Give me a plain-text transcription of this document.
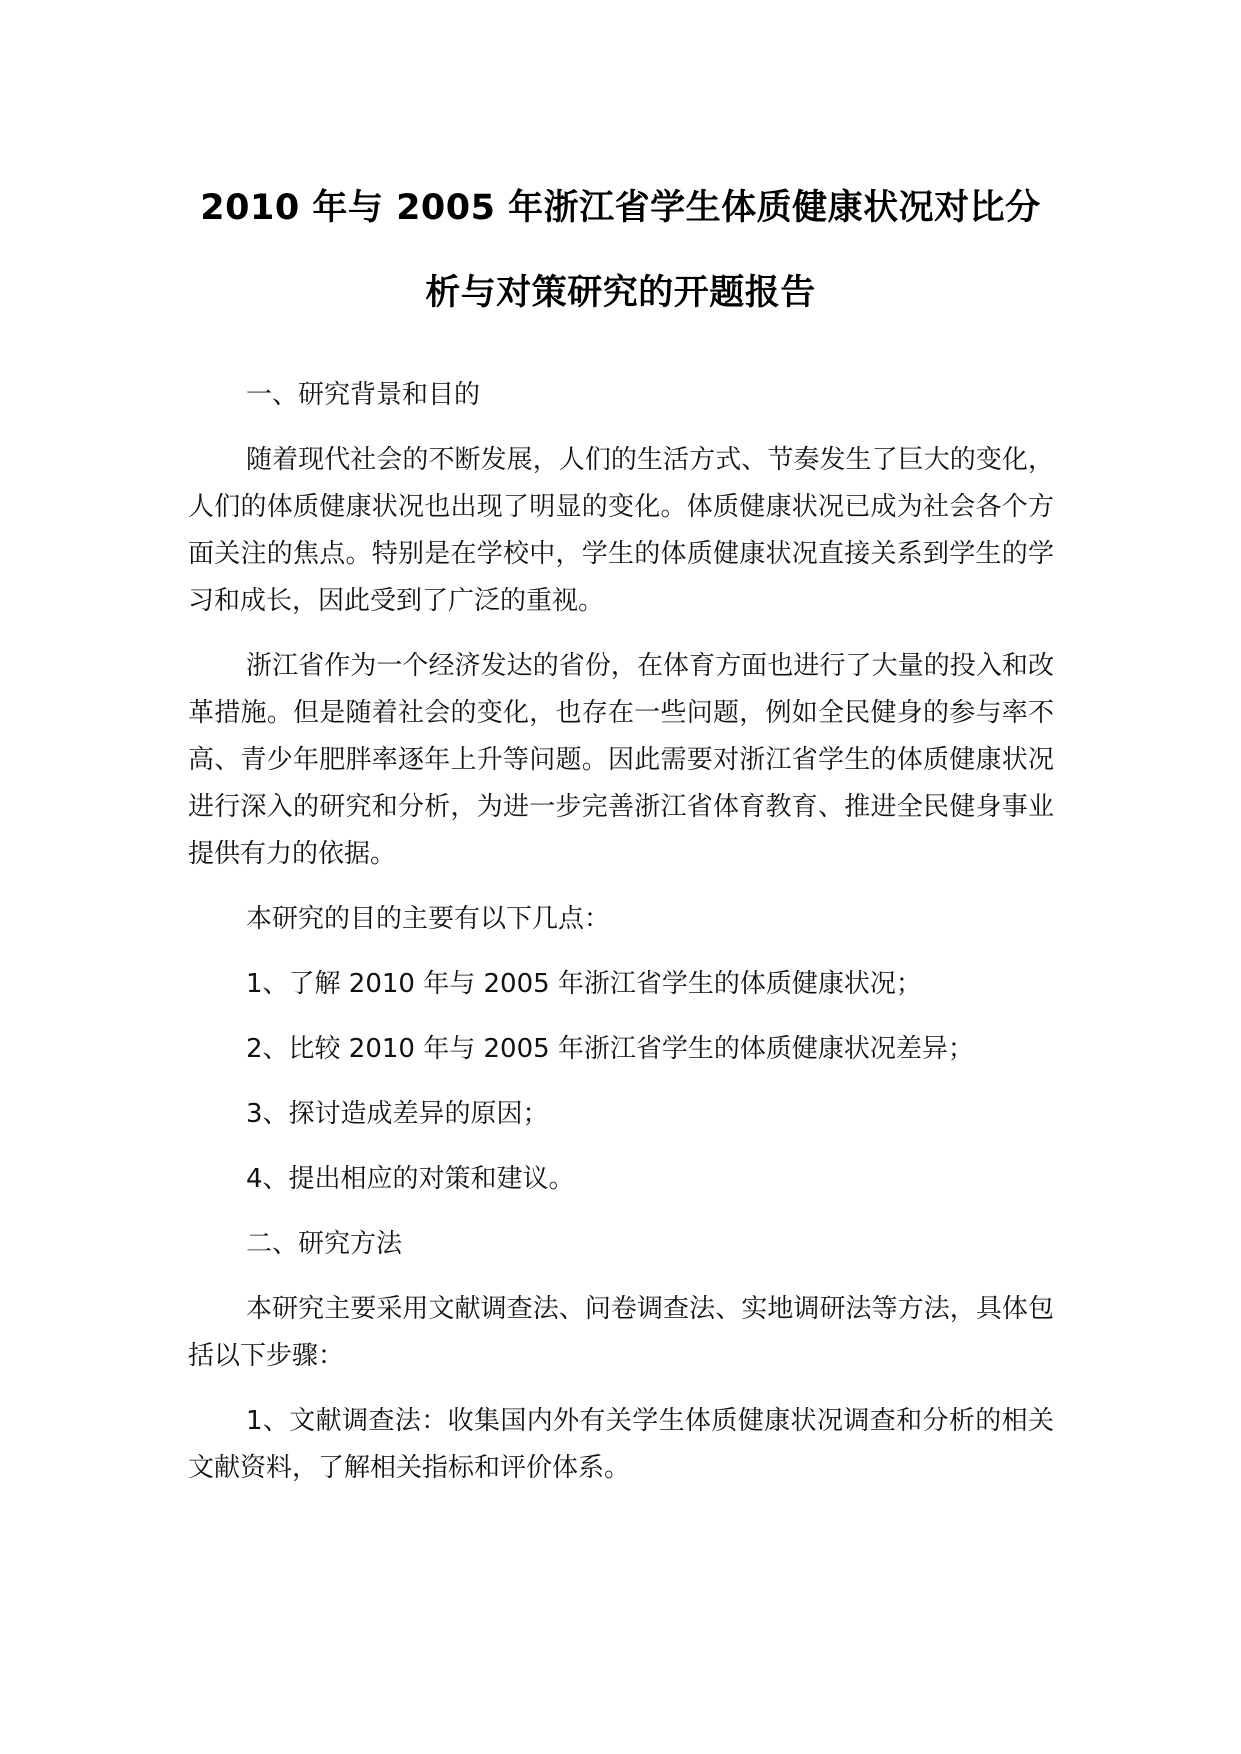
2010 年与 2005 年浙江省学生体质健康状况对比分
析与对策研究的开题报告

一、研究背景和目的

随着现代社会的不断发展，人们的生活方式、节奏发生了巨大的变化，人们的体质健康状况也出现了明显的变化。体质健康状况已成为社会各个方面关注的焦点。特别是在学校中，学生的体质健康状况直接关系到学生的学习和成长，因此受到了广泛的重视。

浙江省作为一个经济发达的省份，在体育方面也进行了大量的投入和改革措施。但是随着社会的变化，也存在一些问题，例如全民健身的参与率不高、青少年肥胖率逐年上升等问题。因此需要对浙江省学生的体质健康状况进行深入的研究和分析，为进一步完善浙江省体育教育、推进全民健身事业提供有力的依据。

本研究的目的主要有以下几点：

1、了解 2010 年与 2005 年浙江省学生的体质健康状况；

2、比较 2010 年与 2005 年浙江省学生的体质健康状况差异；

3、探讨造成差异的原因；

4、提出相应的对策和建议。

二、研究方法

本研究主要采用文献调查法、问卷调查法、实地调研法等方法，具体包括以下步骤：

1、文献调查法：收集国内外有关学生体质健康状况调查和分析的相关文献资料，了解相关指标和评价体系。
